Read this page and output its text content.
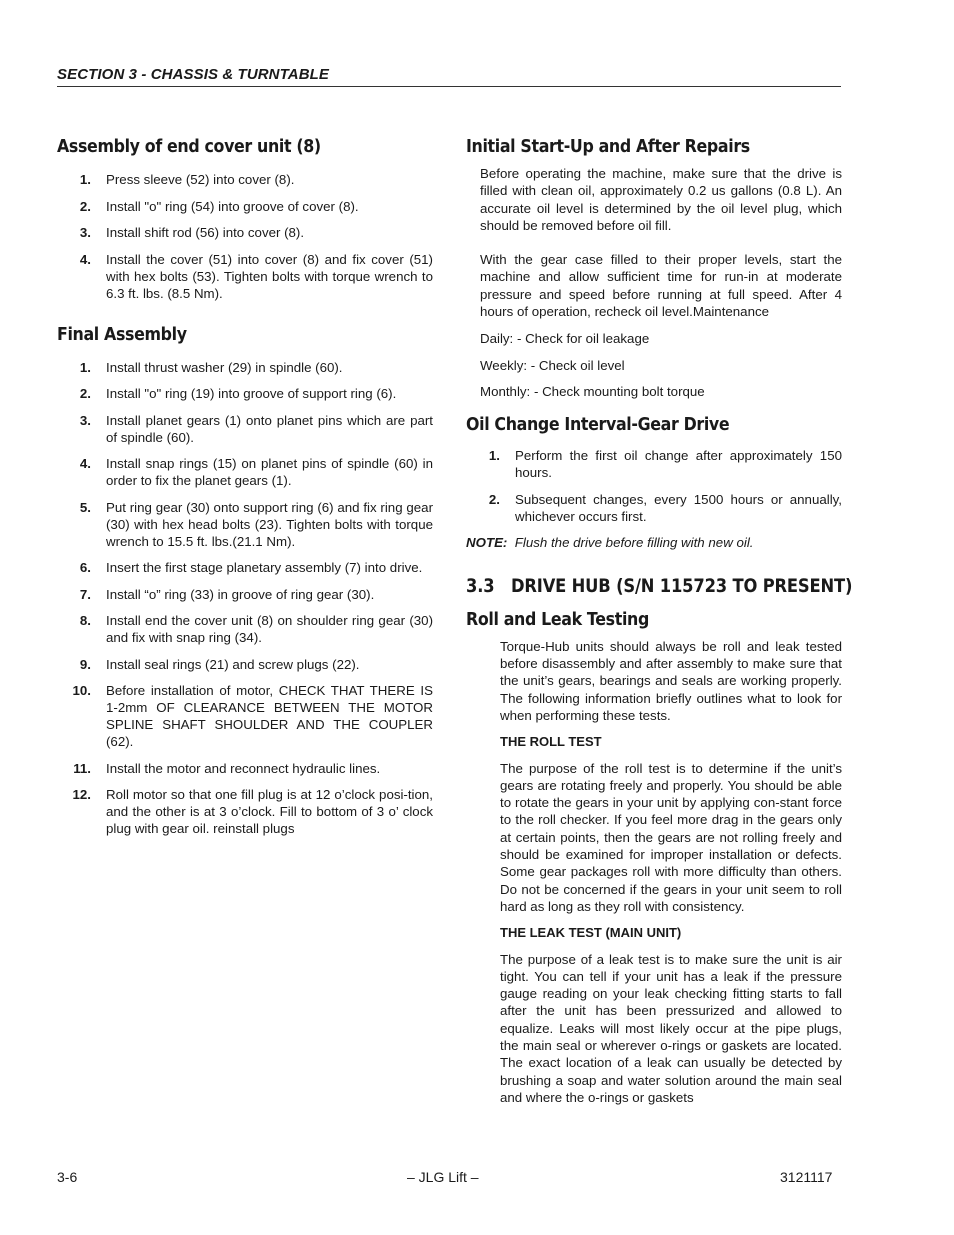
SECTION 3 - CHASSIS & TURNTABLE
Assembly of end cover unit (8)
1. Press sleeve (52) into cover (8).
2. Install "o" ring (54) into groove of cover (8).
3. Install shift rod (56) into cover (8).
4. Install the cover (51) into cover (8) and fix cover (51) with hex bolts (53). Tighten bolts with torque wrench to 6.3 ft. lbs. (8.5 Nm).
Final Assembly
1. Install thrust washer (29) in spindle (60).
2. Install "o" ring (19) into groove of support ring (6).
3. Install planet gears (1) onto planet pins which are part of spindle (60).
4. Install snap rings (15) on planet pins of spindle (60) in order to fix the planet gears (1).
5. Put ring gear (30) onto support ring (6) and fix ring gear (30) with hex head bolts (23). Tighten bolts with torque wrench to 15.5 ft. lbs.(21.1 Nm).
6. Insert the first stage planetary assembly (7) into drive.
7. Install “o” ring (33) in groove of ring gear (30).
8. Install end the cover unit (8) on shoulder ring gear (30) and fix with snap ring (34).
9. Install seal rings (21) and screw plugs (22).
10. Before installation of motor, CHECK THAT THERE IS 1-2mm OF CLEARANCE BETWEEN THE MOTOR SPLINE SHAFT SHOULDER AND THE COUPLER (62).
11. Install the motor and reconnect hydraulic lines.
12. Roll motor so that one fill plug is at 12 o’clock posi-tion, and the other is at 3 o’clock. Fill to bottom of 3 o’ clock plug with gear oil. reinstall plugs
Initial Start-Up and After Repairs
Before operating the machine, make sure that the drive is filled with clean oil, approximately 0.2 us gallons (0.8 L). An accurate oil level is determined by the oil level plug, which should be removed before oil fill.
With the gear case filled to their proper levels, start the machine and allow sufficient time for run-in at moderate pressure and speed before running at full speed. After 4 hours of operation, recheck oil level.Maintenance
Daily: - Check for oil leakage
Weekly: - Check oil level
Monthly: - Check mounting bolt torque
Oil Change Interval-Gear Drive
1. Perform the first oil change after approximately 150 hours.
2. Subsequent changes, every 1500 hours or annually, whichever occurs first.
NOTE: Flush the drive before filling with new oil.
3.3 DRIVE HUB (S/N 115723 TO PRESENT)
Roll and Leak Testing
Torque-Hub units should always be roll and leak tested before disassembly and after assembly to make sure that the unit’s gears, bearings and seals are working properly. The following information briefly outlines what to look for when performing these tests.
THE ROLL TEST
The purpose of the roll test is to determine if the unit’s gears are rotating freely and properly. You should be able to rotate the gears in your unit by applying con-stant force to the roll checker. If you feel more drag in the gears only at certain points, then the gears are not rolling freely and should be examined for improper installation or defects. Some gear packages roll with more difficulty than others. Do not be concerned if the gears in your unit seem to roll hard as long as they roll with consistency.
THE LEAK TEST (MAIN UNIT)
The purpose of a leak test is to make sure the unit is air tight. You can tell if your unit has a leak if the pressure gauge reading on your leak checking fitting starts to fall after the unit has been pressurized and allowed to equalize. Leaks will most likely occur at the pipe plugs, the main seal or wherever o-rings or gaskets are located. The exact location of a leak can usually be detected by brushing a soap and water solution around the main seal and where the o-rings or gaskets
3-6	– JLG Lift –	3121117
